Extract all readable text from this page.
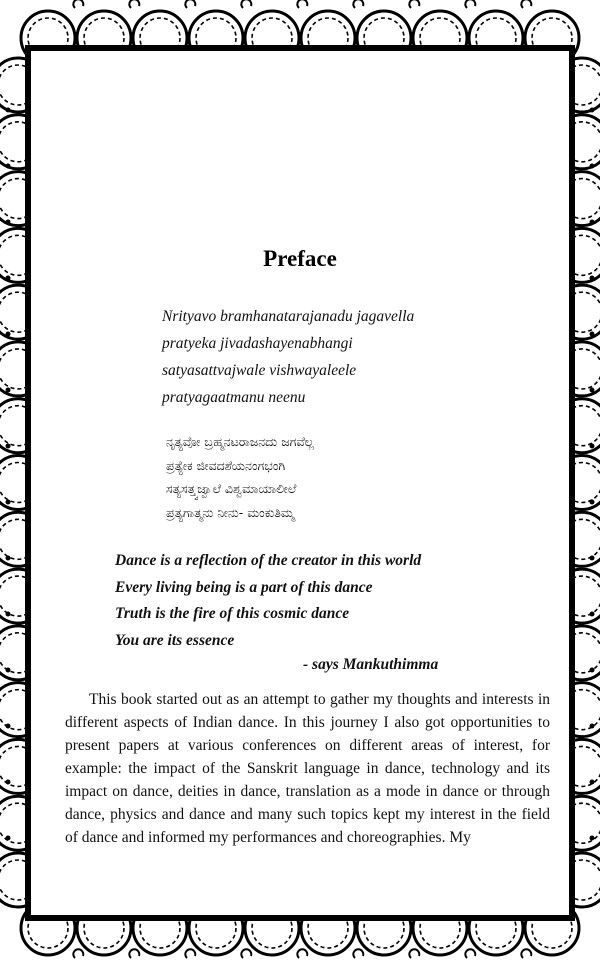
Preface
Nrityavo bramhanatarajanadu jagavella
pratyeka jivadashayenabhangi
satyasattvajwale vishwayaleele
pratyagaatmanu neenu
ನೃತ್ಯವೋ ಬ್ರಹ್ಮನಟರಾಜನದು ಜಗವೆಲ್ಲ
ಪ್ರತ್ಯೇಕ ಜೀವದಶೆಯನಂಗಭಂಗಿ
ಸತ್ಯಸತ್ತ್ವಜ್ವಾಲೆ ವಿಶ್ವಮಾಯಾಲೀಲೆ
ಪ್ರತ್ಯಗಾತ್ಮನು ನೀನು- ಮಂಕುತಿಮ್ಮ
Dance is a reflection of the creator in this world
Every living being is a part of this dance
Truth is the fire of this cosmic dance
You are its essence
- says Mankuthimma

This book started out as an attempt to gather my thoughts and interests in different aspects of Indian dance. In this journey I also got opportunities to present papers at various conferences on different areas of interest, for example: the impact of the Sanskrit language in dance, technology and its impact on dance, deities in dance, translation as a mode in dance or through dance, physics and dance and many such topics kept my interest in the field of dance and informed my performances and choreographies. My
